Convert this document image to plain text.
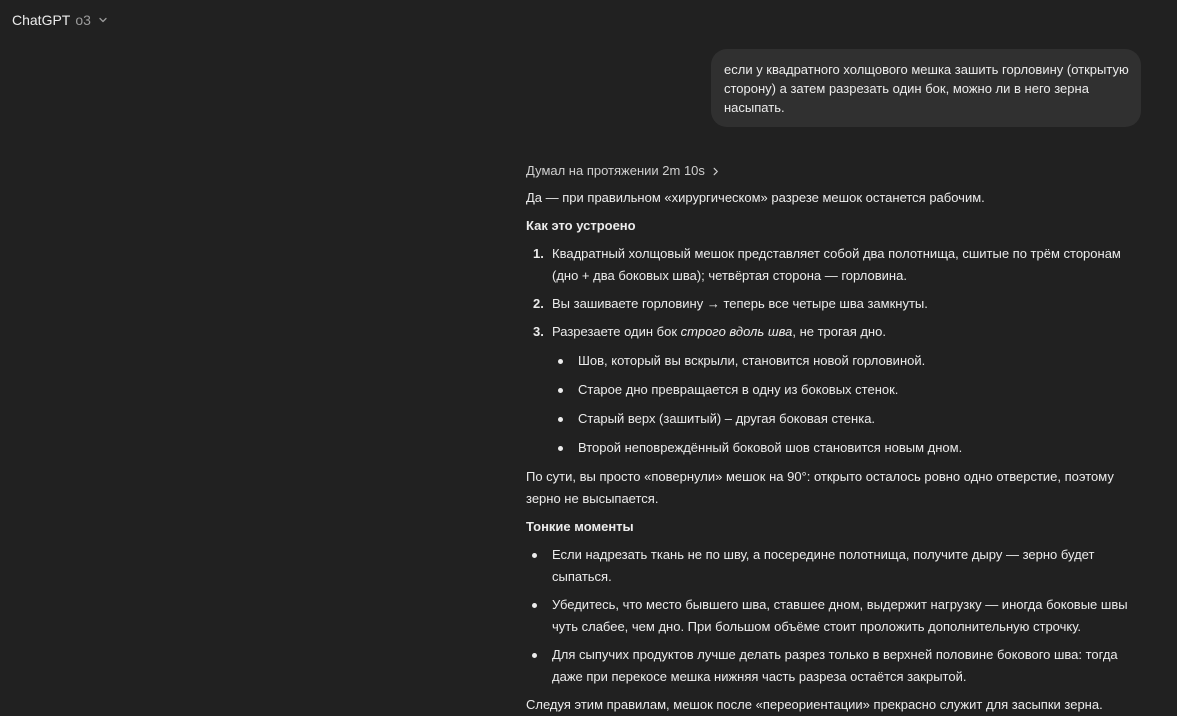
ChatGPT o3
если у квадратного холщового мешка зашить горловину (открытую сторону) а затем разрезать один бок, можно ли в него зерна насыпать.
Думал на протяжении 2m 10s
Да — при правильном «хирургическом» разрезе мешок останется рабочим.
Как это устроено
1. Квадратный холщовый мешок представляет собой два полотнища, сшитые по трём сторонам (дно + два боковых шва); четвёртая сторона — горловина.
2. Вы зашиваете горловину → теперь все четыре шва замкнуты.
3. Разрезаете один бок строго вдоль шва, не трогая дно.
Шов, который вы вскрыли, становится новой горловиной.
Старое дно превращается в одну из боковых стенок.
Старый верх (зашитый) – другая боковая стенка.
Второй неповреждённый боковой шов становится новым дном.
По сути, вы просто «повернули» мешок на 90°: открыто осталось ровно одно отверстие, поэтому зерно не высыпается.
Тонкие моменты
Если надрезать ткань не по шву, а посередине полотнища, получите дыру — зерно будет сыпаться.
Убедитесь, что место бывшего шва, ставшее дном, выдержит нагрузку — иногда боковые швы чуть слабее, чем дно. При большом объёме стоит проложить дополнительную строчку.
Для сыпучих продуктов лучше делать разрез только в верхней половине бокового шва: тогда даже при перекосе мешка нижняя часть разреза остаётся закрытой.
Следуя этим правилам, мешок после «переориентации» прекрасно служит для засыпки зерна.
